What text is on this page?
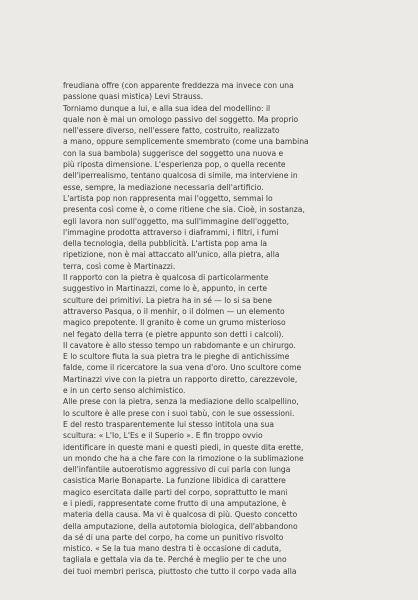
freudiana offre (con apparente freddezza ma invece con una

passione quasi mistica) Levi Strauss.

Torniamo dunque a lui, e alla sua idea del modellino: il

quale non è mai un omologo passivo del soggetto. Ma proprio

nell'essere diverso, nell'essere fatto, costruito, realizzato

a mano, oppure semplicemente smembrato (come una bambina

con la sua bambola) suggerisce del soggetto una nuova e

più riposta dimensione. L'esperienza pop, o quella recente

dell'iperrealismo, tentano qualcosa di simile, ma interviene in

esse, sempre, la mediazione necessaria dell'artificio.

L'artista pop non rappresenta mai l'oggetto, semmai lo

presenta così come è, o come ritiene che sia. Cioè, in sostanza,

egli lavora non sull'oggetto, ma sull'immagine dell'oggetto,

l'immagine prodotta attraverso i diaframmi, i filtri, i fumi

della tecnologia, della pubblicità. L'artista pop ama la

ripetizione, non è mai attaccato all'unico, alla pietra, alla

terra, così come è Martinazzi.

Il rapporto con la pietra è qualcosa di particolarmente

suggestivo in Martinazzi, come lo è, appunto, in certe

sculture dei primitivi. La pietra ha in sé — lo si sa bene

attraverso Pasqua, o il menhir, o il dolmen — un elemento

magico prepotente. Il granito è come un grumo misterioso

nel fegato della terra (e pietre appunto son detti i calcoli).

Il cavatore è allo stesso tempo un rabdomante e un chirurgo.

E lo scultore fiuta la sua pietra tra le pieghe di antichissime

falde, come il ricercatore la sua vena d'oro. Uno scultore come

Martinazzi vive con la pietra un rapporto diretto, carezzevole,

e in un certo senso alchimistico.

Alle prese con la pietra, senza la mediazione dello scalpellino,

lo scultore è alle prese con i suoi tabù, con le sue ossessioni.

E del resto trasparentemente lui stesso intitola una sua

scultura: « L'Io, L'Es e il Superio ». E fin troppo ovvio

identificare in queste mani e questi piedi, in queste dita erette,

un mondo che ha a che fare con la rimozione o la sublimazione

dell'infantile autoerotismo aggressivo di cui parla con lunga

casistica Marie Bonaparte. La funzione libidica di carattere

magico esercitata dalle parti del corpo, soprattutto le mani

e i piedi, rappresentate come frutto di una amputazione, è

materia della causa. Ma vi è qualcosa di più. Questo concetto

della amputazione, della autotomia biologica, dell'abbandono

da sé di una parte del corpo, ha come un punitivo risvolto

mistico. « Se la tua mano destra ti è occasione di caduta,

tagliala e gettala via da te. Perché è meglio per te che uno

dei tuoi membri perisca, piuttosto che tutto il corpo vada alla
